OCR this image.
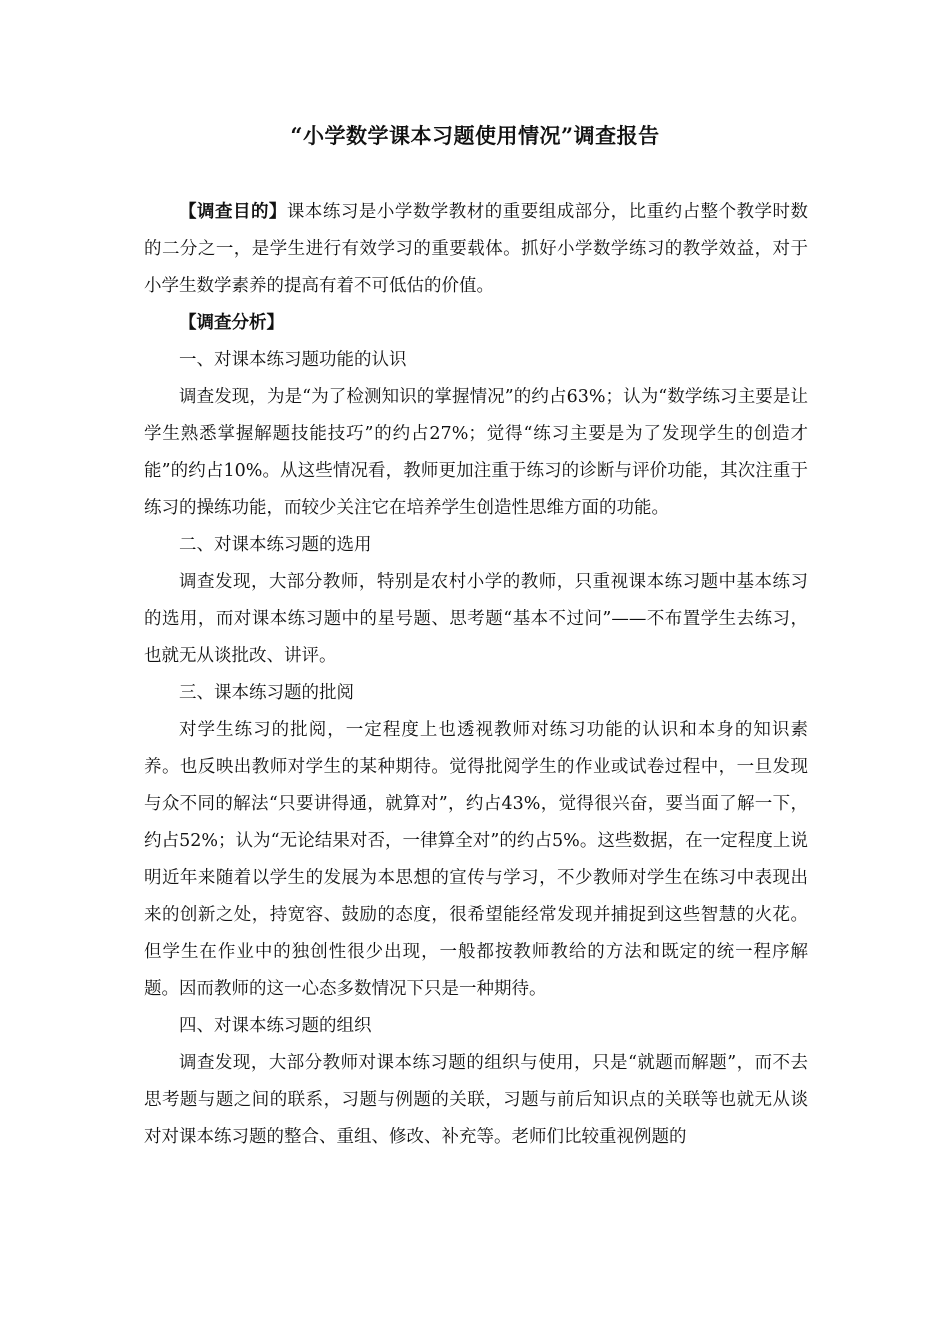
“小学数学课本习题使用情况”调查报告

【调查目的】课本练习是小学数学教材的重要组成部分，比重约占整个教学时数的二分之一，是学生进行有效学习的重要载体。抓好小学数学练习的教学效益，对于小学生数学素养的提高有着不可低估的价值。

【调查分析】

一、对课本练习题功能的认识

调查发现，为是“为了检测知识的掌握情况”的约占63%；认为“数学练习主要是让学生熟悉掌握解题技能技巧”的约占27%；觉得“练习主要是为了发现学生的创造才能”的约占10%。从这些情况看，教师更加注重于练习的诊断与评价功能，其次注重于练习的操练功能，而较少关注它在培养学生创造性思维方面的功能。

二、对课本练习题的选用

调查发现，大部分教师，特别是农村小学的教师，只重视课本练习题中基本练习的选用，而对课本练习题中的星号题、思考题“基本不过问”——不布置学生去练习，也就无从谈批改、讲评。

三、课本练习题的批阅

对学生练习的批阅，一定程度上也透视教师对练习功能的认识和本身的知识素养。也反映出教师对学生的某种期待。觉得批阅学生的作业或试卷过程中，一旦发现与众不同的解法“只要讲得通，就算对”，约占43%，觉得很兴奋，要当面了解一下，约占52%；认为“无论结果对否，一律算全对”的约占5%。这些数据，在一定程度上说明近年来随着以学生的发展为本思想的宣传与学习，不少教师对学生在练习中表现出来的创新之处，持宽容、鼓励的态度，很希望能经常发现并捕捉到这些智慧的火花。但学生在作业中的独创性很少出现，一般都按教师教给的方法和既定的统一程序解题。因而教师的这一心态多数情况下只是一种期待。

四、对课本练习题的组织

调查发现，大部分教师对课本练习题的组织与使用，只是“就题而解题”，而不去思考题与题之间的联系，习题与例题的关联，习题与前后知识点的关联等也就无从谈对对课本练习题的整合、重组、修改、补充等。老师们比较重视例题的
